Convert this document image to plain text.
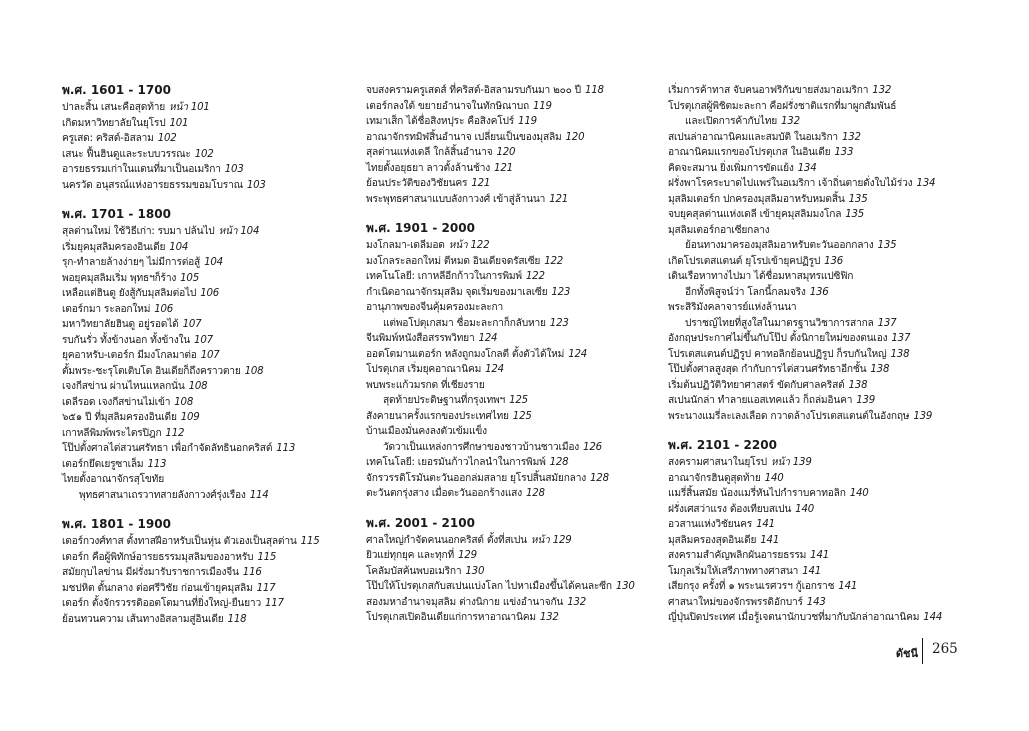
พ.ศ. 1601 - 1700
ปาละสิ้น เสนะคือสุดท้าย หน้า 101
เกิดมหาวิทยาลัยในยุโรป 101
ครูเสด: คริสต์-อิสลาม 102
เสนะ ฟื้นฮินดูและระบบวรรณะ 102
อารยธรรมเก่าในแดนที่มาเป็นอเมริกา 103
นครวัด อนุสรณ์แห่งอารยธรรมขอมโบราณ 103
พ.ศ. 1701 - 1800
สุลต่านใหม่ ใช้วิธีเก่า: รบมา ปล้นไป หน้า 104
เริ่มยุคมุสลิมครองอินเดีย 104
รุก-ทำลายล้างง่ายๆ ไม่มีการต่อสู้ 104
พอยุคมุสลิมเริ่ม พุทธฯก็ร้าง 105
เหลือแต่ฮินดู ยังสู้กับมุสลิมต่อไป 106
เตอร์กมา ระลอกใหม่ 106
มหาวิทยาลัยฮินดู อยู่รอดได้ 107
รบกันรั่ว ทั้งข้างนอก ทั้งข้างใน 107
ยุคอาหรับ-เตอร์ก มีมงโกลมาต่อ 107
ตั้มพระ-ชะรุโตเติบโต อินเดียก็ถึงคราวตาย 108
เจงกีสข่าน ผ่านไหนแหลกนั่น 108
เดลีรอด เจงกีสข่านไม่เข้า 108
๖๕๑ ปี ที่มุสลิมครองอินเดีย 109
เกาหลีพิมพ์พระไตรปิฎก 112
โป๊ปตั้งศาลไต่สวนศรัทธา เพื่อกำจัดลัทธินอกคริสต์ 113
เตอร์กยึดเยรูซาเล็ม 113
ไทยตั้งอาณาจักรสุโขทัย
พุทธศาสนาเถรวาทสายลังกาวงศ์รุ่งเรือง 114
พ.ศ. 1801 - 1900
เตอร์กวงศ์ทาส ตั้งทาสฝีอาหรับเป็นหุ่น ตัวเองเป็นสุลต่าน 115
เตอร์ก คือผู้พิทักษ์อารยธรรมมุสลิมของอาหรับ 115
สมัยกุบไลข่าน มีฝรั่งมารับราชการเมืองจีน 116
มชปหิต ตั้นกลาง ต่อศรีวิชัย ก่อนเข้ายุคมุสลิม 117
เตอร์ก ตั้งจักรวรรดิออตโตมานที่ยิ่งใหญ่-ยืนยาว 117
ย้อนทวนความ เส้นทางอิสลามสู่อินเดีย 118
จบสงครามครูเสดส์ ที่คริสต์-อิสลามรบกันมา ๒๐๐ ปี 118
เตอร์กลงใต้ ขยายอำนาจในทักษิณาบถ 119
เทมาเส็ก ได้ชื่อสิงหปุระ คือสิงคโปร์ 119
อาณาจักรทมิฬสิ้นอำนาจ เปลี่ยนเป็นของมุสลิม 120
สุลต่านแห่งเดลี ใกล้สิ้นอำนาจ 120
ไทยตั้งอยุธยา ลาวตั้งล้านช้าง 121
ย้อนประวัติของวิชัยนคร 121
พระพุทธศาสนาแบบลังกาวงศ์ เข้าสู่ล้านนา 121
พ.ศ. 1901 - 2000
มงโกลมา-เดลีมอด หน้า 122
มงโกลระลอกใหม่ ตีหมด อินเดียจดรัสเซีย 122
เทคโนโลยี: เกาหลีอีกก้าวในการพิมพ์ 122
กำเนิดอาณาจักรมุสลิม จุดเริ่มของมาเลเซีย 123
อานุภาพของจีนคุ้มครองมะละกา
แต่พอโปตุเกสมา ชื่อมะละกาก็กลับหาย 123
จีนพิมพ์หนังสือสรรพวิทยา 124
ออตโตมานเตอร์ก หลังถูกมงโกลตี ตั้งตัวได้ใหม่ 124
โปรตุเกส เริ่มยุคอาณานิคม 124
พบพระแก้วมรกต ที่เชียงราย
สุดท้ายประดิษฐานที่กรุงเทพฯ 125
สังคายนาครั้งแรกของประเทศไทย 125
บ้านเมืองมั่นคงลงตัวเข้มแข็ง
วัดวาเป็นแหล่งการศึกษาของชาวบ้านชาวเมือง 126
เทคโนโลยี: เยอรมันก้าวไกลนำในการพิมพ์ 128
จักรวรรดิโรมันตะวันออกล่มสลาย ยุโรปสิ้นสมัยกลาง 128
ตะวันตกรุ่งสาง เมื่อตะวันออกร้างแสง 128
พ.ศ. 2001 - 2100
ศาลใหญ่กำจัดคนนอกคริสต์ ตั้งที่สเปน หน้า 129
ยิวแย่ทุกยุค และทุกที่ 129
โคลัมบัสค้นพบอเมริกา 130
โป๊ปให้โปรตุเกสกับสเปนแบ่งโลก ไปหาเมืองขึ้นได้คนละซีก 130
สองมหาอำนาจมุสลิม ต่างนิกาย แข่งอำนาจกัน 132
โปรตุเกสเปิดอินเดียแก่การหาอาณานิคม 132
เริ่มการค้าทาส จับคนอาฟริกันขายส่งมาอเมริกา 132
โปรตุเกสผู้พิชิตมะละกา คือฝรั่งชาติแรกที่มาผูกสัมพันธ์
และเปิดการค้ากับไทย 132
สเปนล่าอาณานิคมและสมบัติ ในอเมริกา 132
อาณานิคมแรกของโปรตุเกส ในอินเดีย 133
คิดจะสมาน ยิ่งเพิ่มการขัดแย้ง 134
ฝรั่งพาโรคระบาดไปแพร่ในอเมริกา เจ้าถิ่นตายดั่งใบไม้ร่วง 134
มุสลิมเตอร์ก ปกครองมุสลิมอาหรับหมดสิ้น 135
จบยุคสุลต่านแห่งเดลี เข้ายุคมุสลิมมงโกล 135
มุสลิมเตอร์กอาเซียกลาง
ย้อนทางมาครองมุสลิมอาหรับตะวันออกกลาง 135
เกิดโปรเตสแตนต์ ยุโรปเข้ายุคปฏิรูป 136
เดินเรือหาทางไปมา ได้ชื่อมหาสมุทรแปซิฟิก
อีกทั้งพิสูจน์ว่า โลกนี้กลมจริง 136
พระสิริมังคลาจารย์แห่งล้านนา
ปราชญ์ไทยที่สูงใสในมาตรฐานวิชาการสากล 137
อังกฤษประกาศไม่ขึ้นกับโป๊ป ตั้งนิกายใหม่ของตนเอง 137
โปรเตสแตนต์ปฏิรูป คาทอลิกย้อนปฏิรูป ก็รบกันใหญ่ 138
โป๊ปตั้งศาลสูงสุด กำกับการไต่สวนศรัทธาอีกชั้น 138
เริ่มต้นปฏิวัติวิทยาศาสตร์ ขัดกับศาลคริสต์ 138
สเปนนักล่า ทำลายแอสเทคแล้ว ก็ถล่มอินคา 139
พระนางแมรี่ละเลงเลือด กวาดล้างโปรเตสแตนต์ในอังกฤษ 139
พ.ศ. 2101 - 2200
สงครามศาสนาในยุโรป หน้า 139
อาณาจักรฮินดูสุดท้าย 140
แมรี่สิ้นสมัย น้องแมรี่หันไปกำราบคาทอลิก 140
ฝรั่งเศสว่าแรง ต้องเทียบสเปน 140
อวสานแห่งวิชัยนคร 141
มุสลิมครองสุดอินเดีย 141
สงครามสำคัญพลิกผันอารยธรรม 141
โมกุลเริ่มให้เสรีภาพทางศาสนา 141
เสียกรุง ครั้งที่ ๑ พระนเรศวรฯ กู้เอกราช 141
ศาสนาใหม่ของจักรพรรดิอักบาร์ 143
ญี่ปุ่นปิดประเทศ เมื่อรู้เจตนานักบวชที่มากับนักล่าอาณานิคม 144
ดัชนี 265
